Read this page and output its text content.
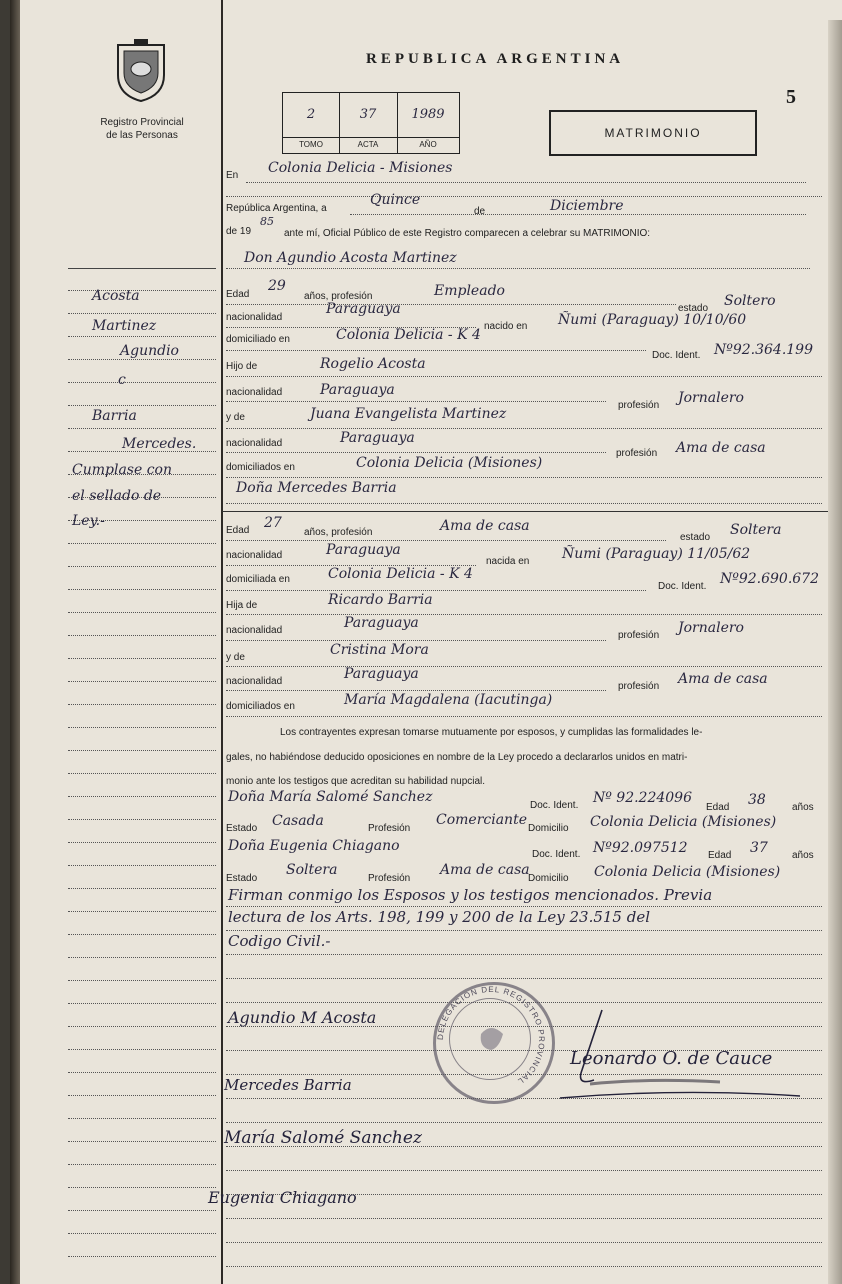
Registro Provincial
de las Personas
REPUBLICA ARGENTINA
5
2
TOMO
37
ACTA
1989
AÑO
MATRIMONIO
En Colonia Delicia - Misiones
República Argentina, a
Quince
de	Diciembre
de 19
85
ante mí, Oficial Público de este Registro comparecen a celebrar su MATRIMONIO:
Don Agundio Acosta Martinez
Edad
29
años, profesión	Empleado
estado Soltero
nacionalidad
Paraguaya
nacido en Ñumi (Paraguay) 10/10/60
domiciliado en	Colonia Delicia - K 4
Doc. Ident. Nº92.364.199
Hijo de	Rogelio Acosta
nacionalidad	Paraguaya
profesión Jornalero
y de	Juana Evangelista Martinez
nacionalidad	Paraguaya
profesión Ama de casa
domiciliados en	Colonia Delicia (Misiones)
Doña Mercedes Barria
Edad 27
años, profesión	Ama de casa
estado Soltera
nacionalidad	Paraguaya
nacida en Ñumi (Paraguay) 11/05/62
domiciliada en	Colonia Delicia - K 4
Doc. Ident. Nº92.690.672
Hija de	Ricardo Barria
nacionalidad	Paraguaya
profesión Jornalero
y de	Cristina Mora
nacionalidad	Paraguaya
profesión Ama de casa
domiciliados en	María Magdalena (Iacutinga)
Los contrayentes expresan tomarse mutuamente por esposos, y cumplidas las formalidades le-
gales, no habiéndose deducido oposiciones en nombre de la Ley procedo a declararlos unidos en matri-
monio ante los testigos que acreditan su habilidad nupcial.
Doña María Salomé Sanchez
Doc. Ident. Nº 92.224096
Edad 38	años
Estado Casada	Profesión
Comerciante
Domicilio Colonia Delicia (Misiones)
Doña Eugenia Chiagano
Doc. Ident. Nº92.097512 Edad 37 años
Estado
Soltera
Profesión
Ama de casa
Domicilio Colonia Delicia (Misiones)
Firman conmigo los Esposos y los testigos mencionados. Previa
lectura de los Arts. 198, 199 y 200 de la Ley 23.515 del
Codigo Civil.-
Acosta
Martinez
Agundio
c
Barria
Mercedes.
Cumplase con
el sellado de
Ley.-
DELEGACION DEL REGISTRO PROVINCIAL
Agundio M Acosta
Mercedes Barria
María Salomé Sanchez
Eugenia Chiagano
Leonardo O. de Cauce
